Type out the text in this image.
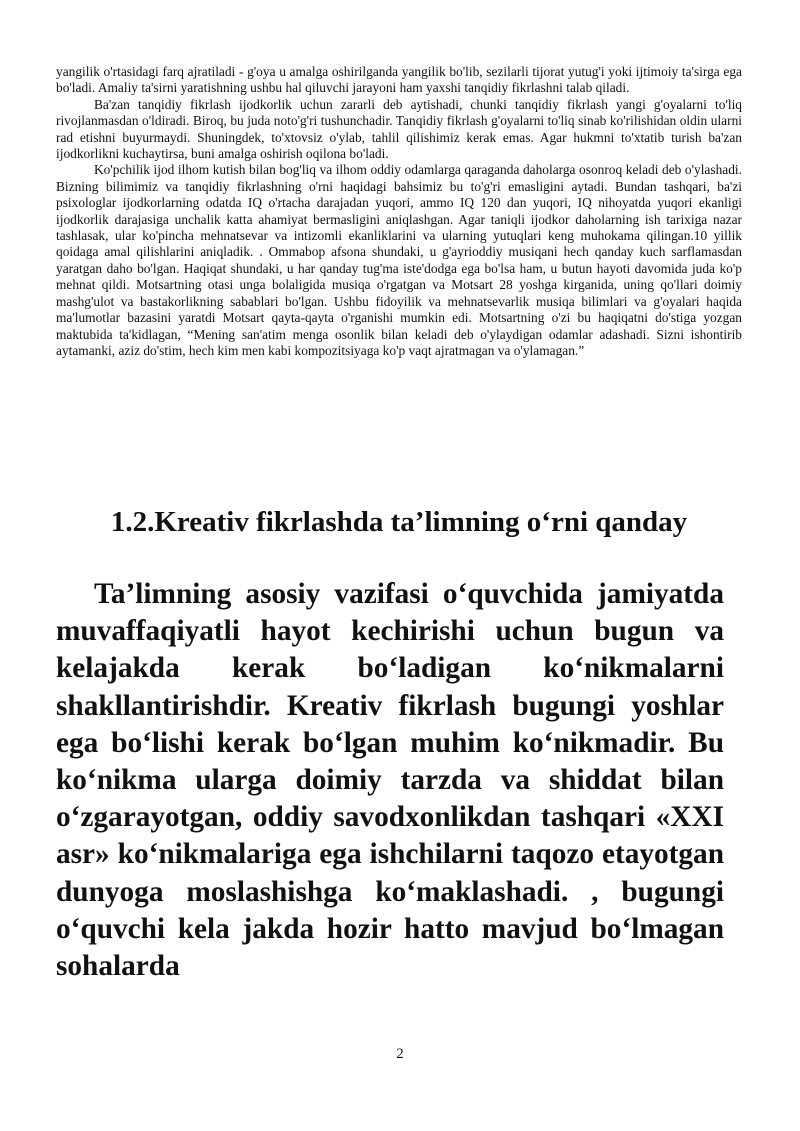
yangilik o'rtasidagi farq ajratiladi - g'oya u amalga oshirilganda yangilik bo'lib, sezilarli tijorat yutug'i yoki ijtimoiy ta'sirga ega bo'ladi. Amaliy ta'sirni yaratishning ushbu hal qiluvchi jarayoni ham yaxshi tanqidiy fikrlashni talab qiladi.

Ba'zan tanqidiy fikrlash ijodkorlik uchun zararli deb aytishadi, chunki tanqidiy fikrlash yangi g'oyalarni to'liq rivojlanmasdan o'ldiradi. Biroq, bu juda noto'g'ri tushunchadir. Tanqidiy fikrlash g'oyalarni to'liq sinab ko'rilishidan oldin ularni rad etishni buyurmaydi. Shuningdek, to'xtovsiz o'ylab, tahlil qilishimiz kerak emas. Agar hukmni to'xtatib turish ba'zan ijodkorlikni kuchaytirsa, buni amalga oshirish oqilona bo'ladi.

Ko'pchilik ijod ilhom kutish bilan bog'liq va ilhom oddiy odamlarga qaraganda daholarga osonroq keladi deb o'ylashadi. Bizning bilimimiz va tanqidiy fikrlashning o'rni haqidagi bahsimiz bu to'g'ri emasligini aytadi. Bundan tashqari, ba'zi psixologlar ijodkorlarning odatda IQ o'rtacha darajadan yuqori, ammo IQ 120 dan yuqori, IQ nihoyatda yuqori ekanligi ijodkorlik darajasiga unchalik katta ahamiyat bermasligini aniqlashgan. Agar taniqli ijodkor daholarning ish tarixiga nazar tashlasak, ular ko'pincha mehnatsevar va intizomli ekanliklarini va ularning yutuqlari keng muhokama qilingan.10 yillik qoidaga amal qilishlarini aniqladik. . Ommabop afsona shundaki, u g'ayrioddiy musiqani hech qanday kuch sarflamasdan yaratgan daho bo'lgan. Haqiqat shundaki, u har qanday tug'ma iste'dodga ega bo'lsa ham, u butun hayoti davomida juda ko'p mehnat qildi. Motsartning otasi unga bolaligida musiqa o'rgatgan va Motsart 28 yoshga kirganida, uning qo'llari doimiy mashg'ulot va bastakorlikning sabablari bo'lgan. Ushbu fidoyilik va mehnatsevarlik musiqa bilimlari va g'oyalari haqida ma'lumotlar bazasini yaratdi Motsart qayta-qayta o'rganishi mumkin edi. Motsartning o'zi bu haqiqatni do'stiga yozgan maktubida ta'kidlagan, “Mening san'atim menga osonlik bilan keladi deb o'ylaydigan odamlar adashadi. Sizni ishontirib aytamanki, aziz do'stim, hech kim men kabi kompozitsiyaga ko'p vaqt ajratmagan va o'ylamagan.”

1.2.Kreativ fikrlashda ta’limning o‘rni qanday

Ta’limning asosiy vazifasi o‘quvchida jamiyatda muvaffaqiyatli hayot kechirishi uchun bugun va kelajakda kerak bo‘ladigan ko‘nikmalarni shakllantirishdir. Kreativ fikrlash bugungi yoshlar ega bo‘lishi kerak bo‘lgan muhim ko‘nikmadir. Bu ko‘nikma ularga doimiy tarzda va shiddat bilan o‘zgarayotgan, oddiy savodxonlikdan tashqari «XXI asr» ko‘nikmalariga ega ishchilarni taqozo etayotgan dunyoga moslashishga ko‘maklashadi. , bugungi o‘quvchi kela jakda hozir hatto mavjud bo‘lmagan sohalarda

2
